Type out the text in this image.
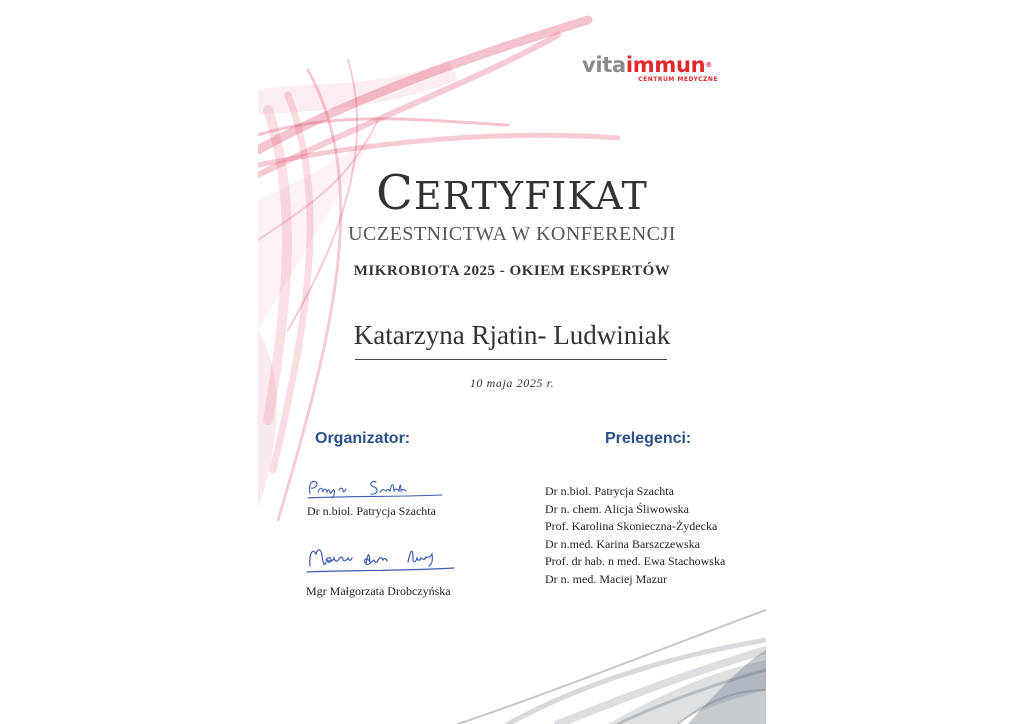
vitaimmun®
CENTRUM MEDYCZNE
CERTYFIKAT
UCZESTNICTWA W KONFERENCJI
MIKROBIOTA 2025 - OKIEM EKSPERTÓW
Katarzyna Rjatin- Ludwiniak
10 maja 2025 r.
Organizator:	Prelegenci:
Dr n.biol. Patrycja Szachta
Mgr Małgorzata Drobczyńska
Dr n.biol. Patrycja Szachta
Dr n. chem. Alicja Śliwowska
Prof. Karolina Skonieczna-Żydecka
Dr n.med. Karina Barszczewska
Prof. dr hab. n med. Ewa Stachowska
Dr n. med. Maciej Mazur
